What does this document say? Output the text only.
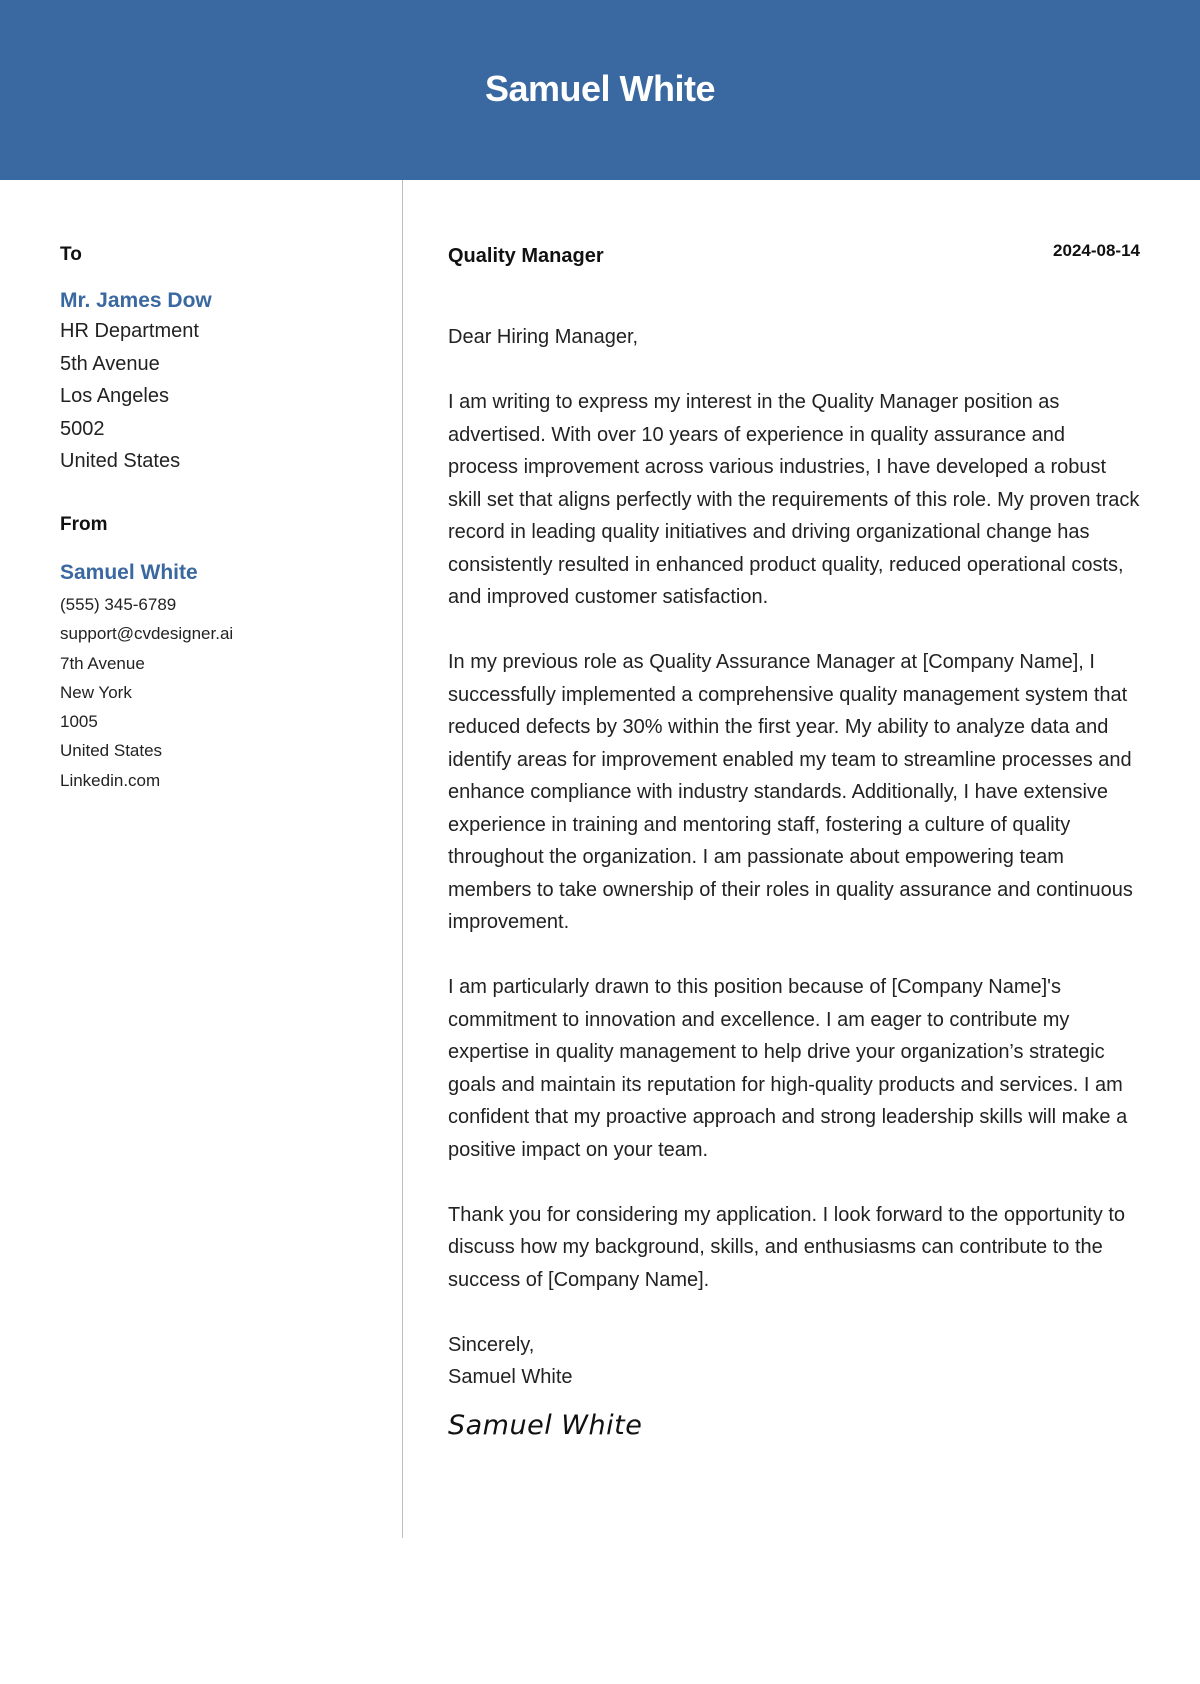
Samuel White
To
Mr. James Dow
HR Department
5th Avenue
Los Angeles
5002
United States
From
Samuel White
(555) 345-6789
support@cvdesigner.ai
7th Avenue
New York
1005
United States
Linkedin.com
Quality Manager	2024-08-14
Dear Hiring Manager,

I am writing to express my interest in the Quality Manager position as advertised. With over 10 years of experience in quality assurance and process improvement across various industries, I have developed a robust skill set that aligns perfectly with the requirements of this role. My proven track record in leading quality initiatives and driving organizational change has consistently resulted in enhanced product quality, reduced operational costs, and improved customer satisfaction.

In my previous role as Quality Assurance Manager at [Company Name], I successfully implemented a comprehensive quality management system that reduced defects by 30% within the first year. My ability to analyze data and identify areas for improvement enabled my team to streamline processes and enhance compliance with industry standards. Additionally, I have extensive experience in training and mentoring staff, fostering a culture of quality throughout the organization. I am passionate about empowering team members to take ownership of their roles in quality assurance and continuous improvement.

I am particularly drawn to this position because of [Company Name]'s commitment to innovation and excellence. I am eager to contribute my expertise in quality management to help drive your organization’s strategic goals and maintain its reputation for high-quality products and services. I am confident that my proactive approach and strong leadership skills will make a positive impact on your team.

Thank you for considering my application. I look forward to the opportunity to discuss how my background, skills, and enthusiasms can contribute to the success of [Company Name].

Sincerely,
Samuel White
Samuel White
